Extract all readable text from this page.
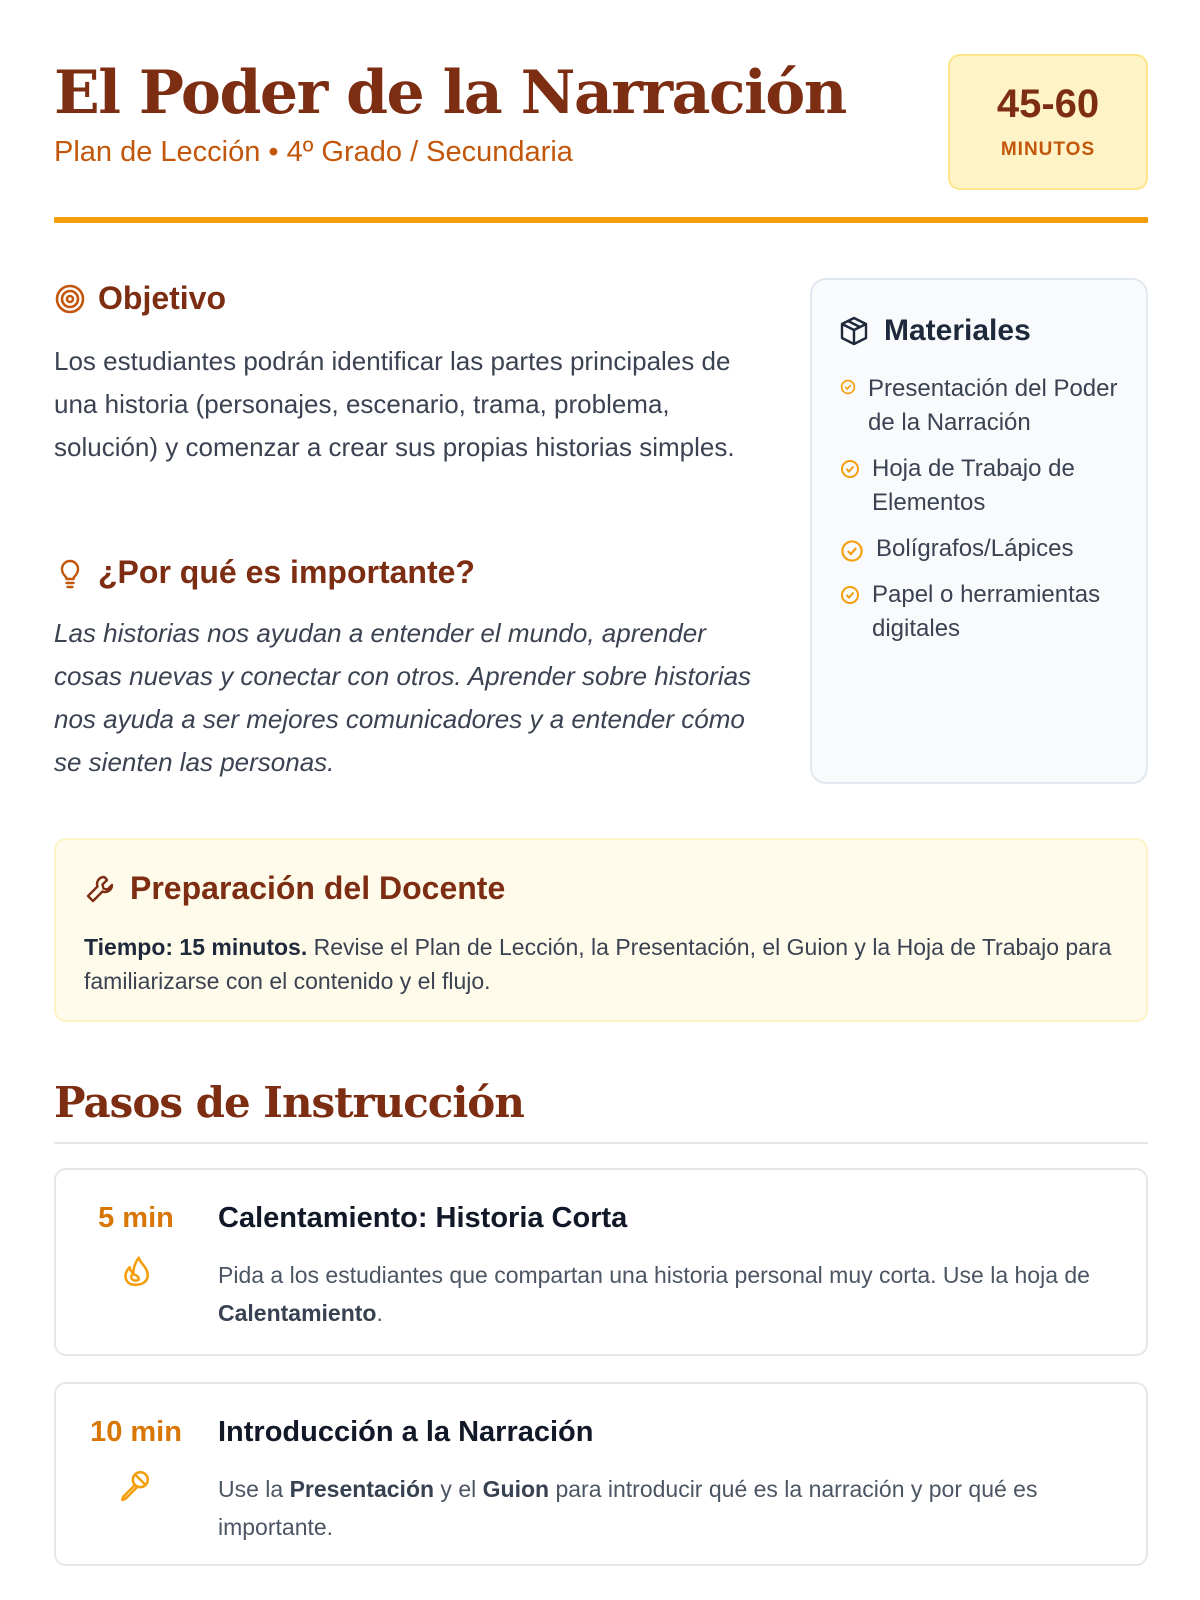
El Poder de la Narración
Plan de Lección • 4º Grado / Secundaria
45-60
MINUTOS
Objetivo

Los estudiantes podrán identificar las partes principales de una historia (personajes, escenario, trama, problema, solución) y comenzar a crear sus propias historias simples.

¿Por qué es importante?

Las historias nos ayudan a entender el mundo, aprender cosas nuevas y conectar con otros. Aprender sobre historias nos ayuda a ser mejores comunicadores y a entender cómo se sienten las personas.

Materiales
Presentación del Poder de la Narración
Hoja de Trabajo de Elementos
Bolígrafos/Lápices
Papel o herramientas digitales
Preparación del Docente

Tiempo: 15 minutos. Revise el Plan de Lección, la Presentación, el Guion y la Hoja de Trabajo para familiarizarse con el contenido y el flujo.

Pasos de Instrucción
5 min	Calentamiento: Historia Corta

Pida a los estudiantes que compartan una historia personal muy corta. Use la hoja de Calentamiento.

10 min	Introducción a la Narración

Use la Presentación y el Guion para introducir qué es la narración y por qué es importante.
